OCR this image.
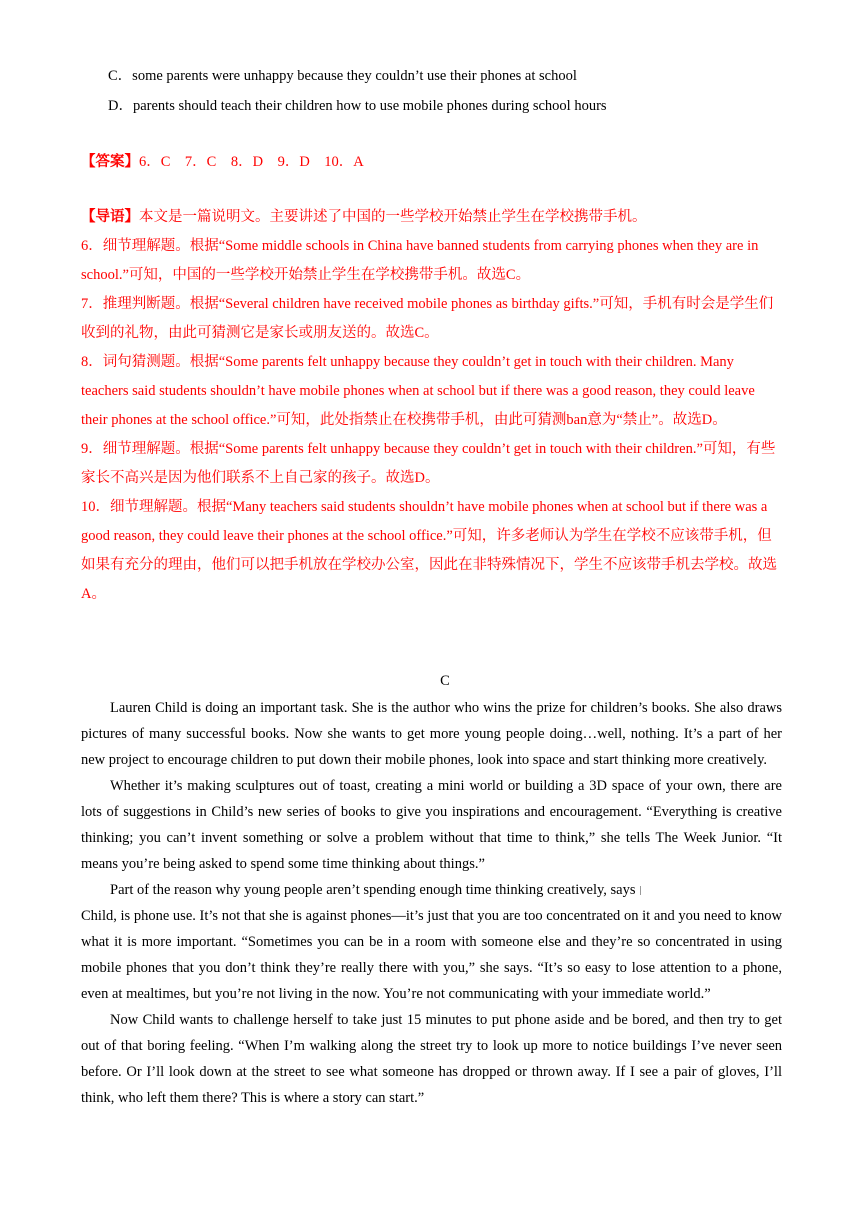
C．some parents were unhappy because they couldn’t use their phones at school
D．parents should teach their children how to use mobile phones during school hours
【答案】6．C　7．C　8．D　9．D　10．A

【导语】本文是一篇说明文。主要讲述了中国的一些学校开始禁止学生在学校携带手机。

6．细节理解题。根据“Some middle schools in China have banned students from carrying phones when they are in school.”可知，中国的一些学校开始禁止学生在学校携带手机。故选C。

7．推理判断题。根据“Several children have received mobile phones as birthday gifts.”可知，手机有时会是学生们收到的礼物，由此可猜测它是家长或朋友送的。故选C。

8．词句猜测题。根据“Some parents felt unhappy because they couldn’t get in touch with their children. Many teachers said students shouldn’t have mobile phones when at school but if there was a good reason, they could leave their phones at the school office.”可知，此处指禁止在校携带手机，由此可猜测ban意为“禁止”。故选D。

9．细节理解题。根据“Some parents felt unhappy because they couldn’t get in touch with their children.”可知，有些家长不高兴是因为他们联系不上自己家的孩子。故选D。

10．细节理解题。根据“Many teachers said students shouldn’t have mobile phones when at school but if there was a good reason, they could leave their phones at the school office.”可知，许多老师认为学生在学校不应该带手机，但如果有充分的理由，他们可以把手机放在学校办公室，因此在非特殊情况下，学生不应该带手机去学校。故选A。

C

Lauren Child is doing an important task. She is the author who wins the prize for children’s books. She also draws pictures of many successful books. Now she wants to get more young people doing…well, nothing. It’s a part of her new project to encourage children to put down their mobile phones, look into space and start thinking more creatively.

Whether it’s making sculptures out of toast, creating a mini world or building a 3D space of your own, there are lots of suggestions in Child’s new series of books to give you inspirations and encouragement. “Everything is creative thinking; you can’t invent something or solve a problem without that time to think,” she tells The Week Junior. “It means you’re being asked to spend some time thinking about things.”

Part of the reason why young people aren’t spending enough time thinking creatively, says

Child, is phone use. It’s not that she is against phones—it’s just that you are too concentrated on it and you need to know what it is more important. “Sometimes you can be in a room with someone else and they’re so concentrated in using mobile phones that you don’t think they’re really there with you,” she says. “It’s so easy to lose attention to a phone, even at mealtimes, but you’re not living in the now. You’re not communicating with your immediate world.”

Now Child wants to challenge herself to take just 15 minutes to put phone aside and be bored, and then try to get out of that boring feeling. “When I’m walking along the street try to look up more to notice buildings I’ve never seen before. Or I’ll look down at the street to see what someone has dropped or thrown away. If I see a pair of gloves, I’ll think, who left them there? This is where a story can start.”
